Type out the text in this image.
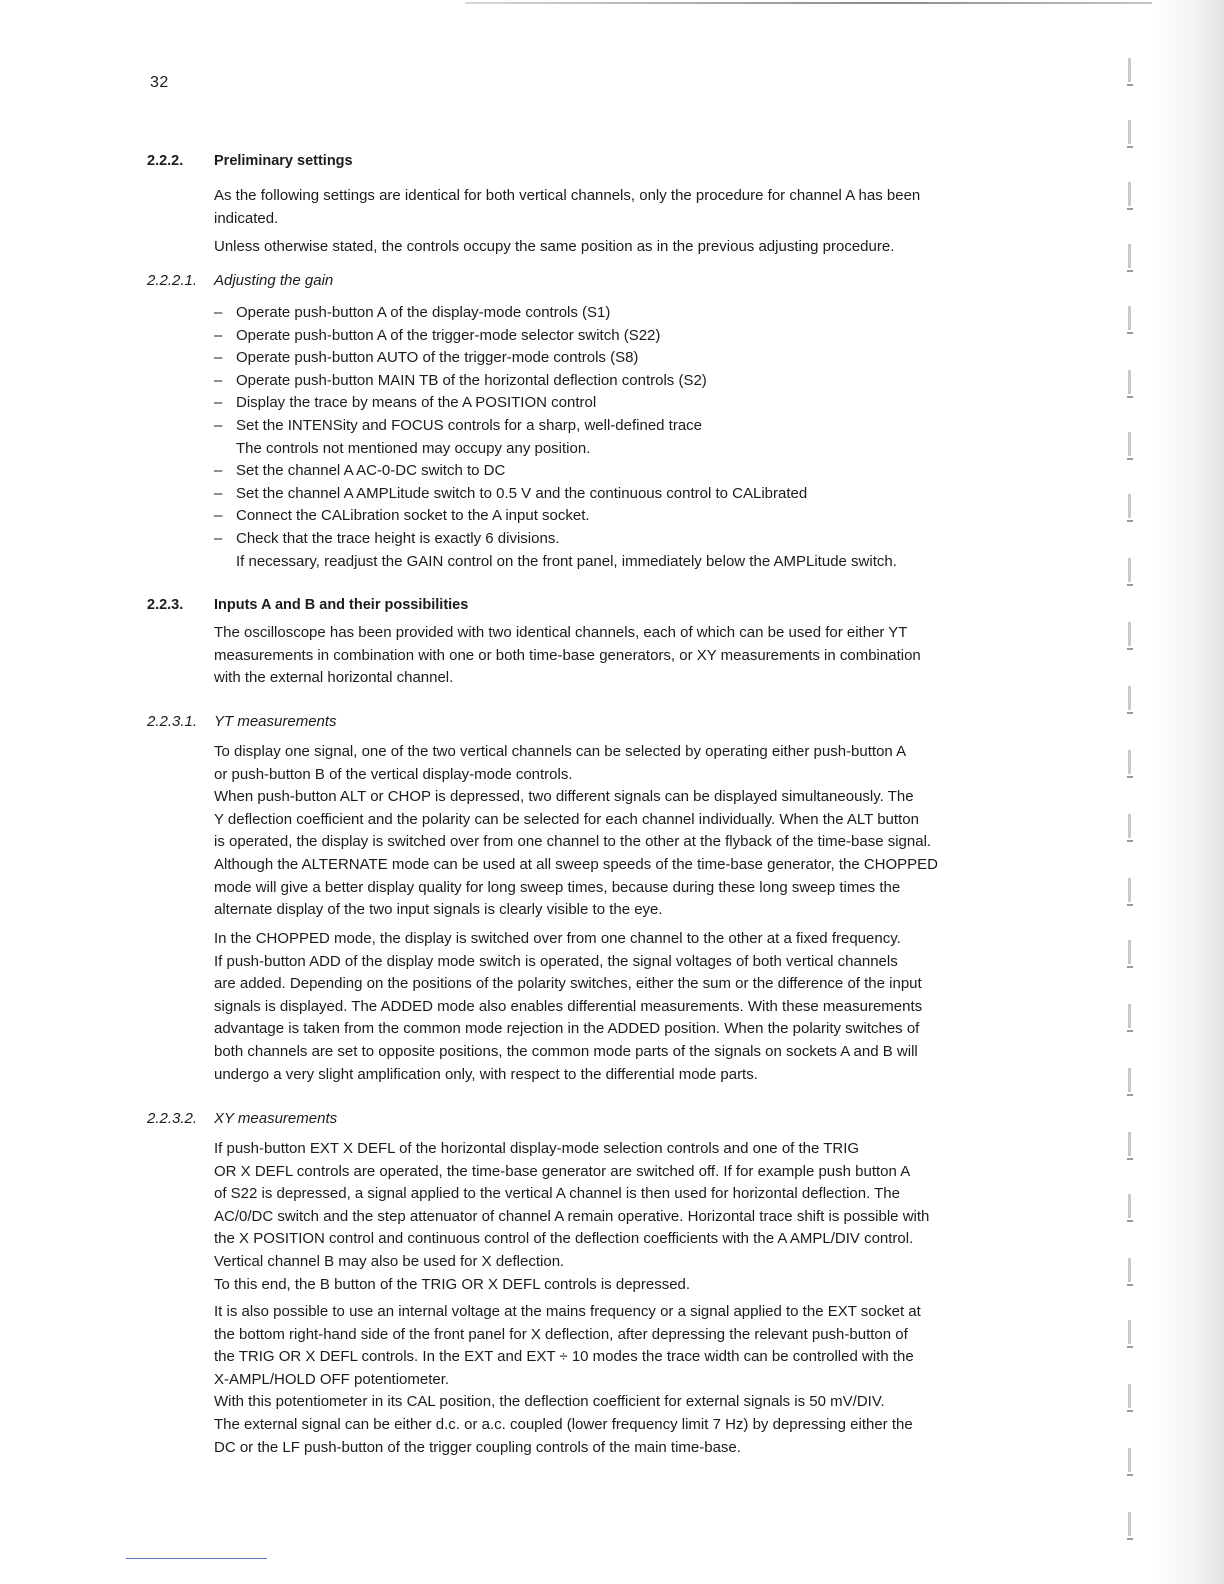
32
2.2.2. Preliminary settings

As the following settings are identical for both vertical channels, only the procedure for channel A has been

indicated.

Unless otherwise stated, the controls occupy the same position as in the previous adjusting procedure.

2.2.2.1. Adjusting the gain
– Operate push-button A of the display-mode controls (S1)
– Operate push-button A of the trigger-mode selector switch (S22)
– Operate push-button AUTO of the trigger-mode controls (S8)
– Operate push-button MAIN TB of the horizontal deflection controls (S2)
– Display the trace by means of the A POSITION control
– Set the INTENSity and FOCUS controls for a sharp, well-defined trace
The controls not mentioned may occupy any position.
– Set the channel A AC-0-DC switch to DC
– Set the channel A AMPLitude switch to 0.5 V and the continuous control to CALibrated
– Connect the CALibration socket to the A input socket.
– Check that the trace height is exactly 6 divisions.
If necessary, readjust the GAIN control on the front panel, immediately below the AMPLitude switch.
2.2.3. Inputs A and B and their possibilities

The oscilloscope has been provided with two identical channels, each of which can be used for either YT

measurements in combination with one or both time-base generators, or XY measurements in combination

with the external horizontal channel.

2.2.3.1. YT measurements

To display one signal, one of the two vertical channels can be selected by operating either push-button A

or push-button B of the vertical display-mode controls.

When push-button ALT or CHOP is depressed, two different signals can be displayed simultaneously. The

Y deflection coefficient and the polarity can be selected for each channel individually. When the ALT button

is operated, the display is switched over from one channel to the other at the flyback of the time-base signal.

Although the ALTERNATE mode can be used at all sweep speeds of the time-base generator, the CHOPPED

mode will give a better display quality for long sweep times, because during these long sweep times the

alternate display of the two input signals is clearly visible to the eye.

In the CHOPPED mode, the display is switched over from one channel to the other at a fixed frequency.

If push-button ADD of the display mode switch is operated, the signal voltages of both vertical channels

are added. Depending on the positions of the polarity switches, either the sum or the difference of the input

signals is displayed. The ADDED mode also enables differential measurements. With these measurements

advantage is taken from the common mode rejection in the ADDED position. When the polarity switches of

both channels are set to opposite positions, the common mode parts of the signals on sockets A and B will

undergo a very slight amplification only, with respect to the differential mode parts.

2.2.3.2. XY measurements

If push-button EXT X DEFL of the horizontal display-mode selection controls and one of the TRIG

OR X DEFL controls are operated, the time-base generator are switched off. If for example push button A

of S22 is depressed, a signal applied to the vertical A channel is then used for horizontal deflection. The

AC/0/DC switch and the step attenuator of channel A remain operative. Horizontal trace shift is possible with

the X POSITION control and continuous control of the deflection coefficients with the A AMPL/DIV control.

Vertical channel B may also be used for X deflection.

To this end, the B button of the TRIG OR X DEFL controls is depressed.

It is also possible to use an internal voltage at the mains frequency or a signal applied to the EXT socket at

the bottom right-hand side of the front panel for X deflection, after depressing the relevant push-button of

the TRIG OR X DEFL controls. In the EXT and EXT ÷ 10 modes the trace width can be controlled with the

X-AMPL/HOLD OFF potentiometer.

With this potentiometer in its CAL position, the deflection coefficient for external signals is 50 mV/DIV.

The external signal can be either d.c. or a.c. coupled (lower frequency limit 7 Hz) by depressing either the

DC or the LF push-button of the trigger coupling controls of the main time-base.
